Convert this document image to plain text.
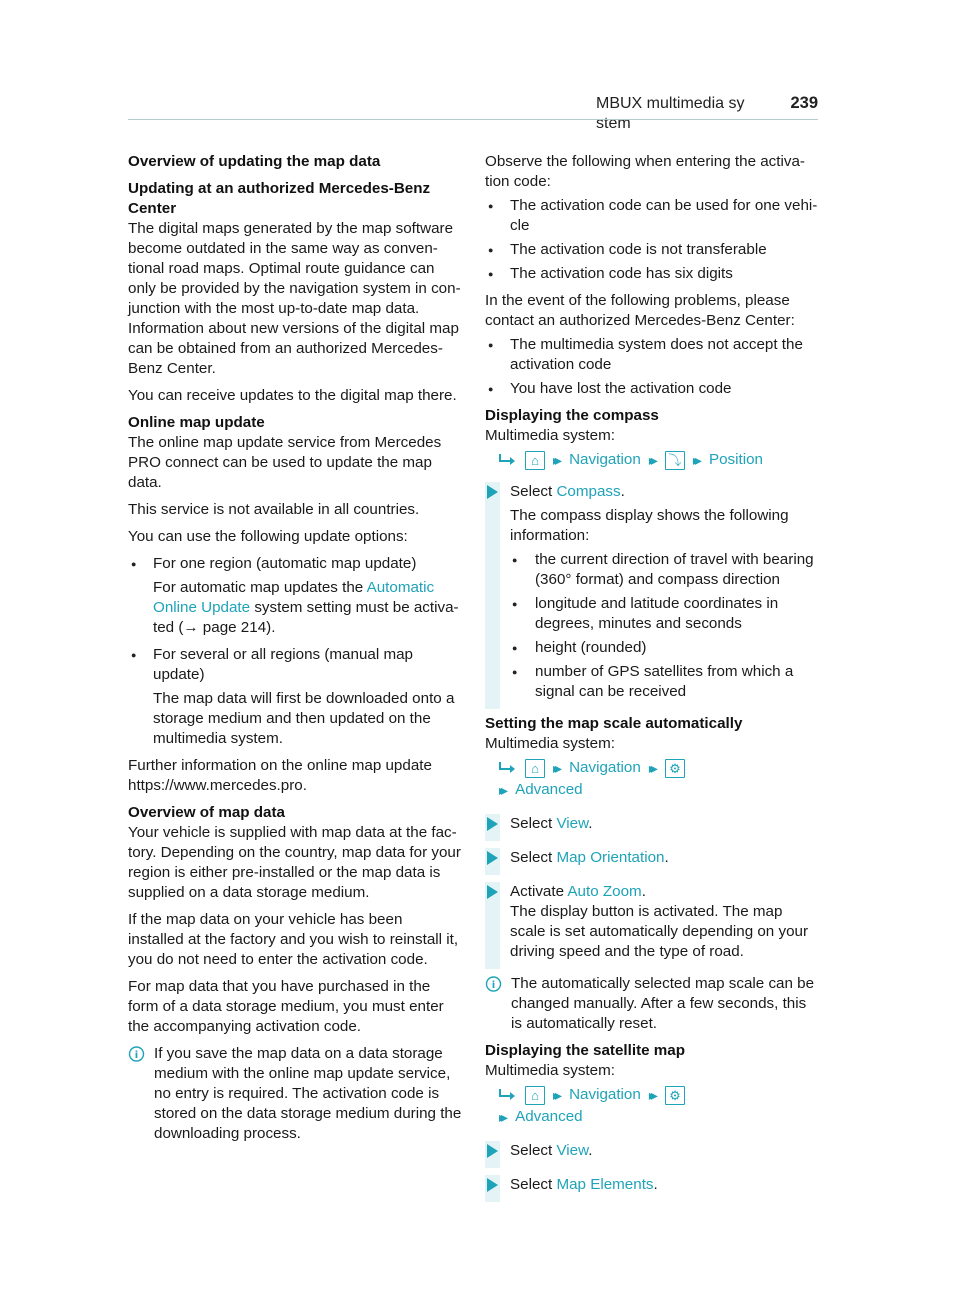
MBUX multimedia sy stem
239
Overview of updating the map data
Updating at an authorized Mercedes-Benz Center
The digital maps generated by the map software become outdated in the same way as conven‐tional road maps. Optimal route guidance can only be provided by the navigation system in con‐junction with the most up-to-date map data. Information about new versions of the digital map can be obtained from an authorized Mercedes-Benz Center.
You can receive updates to the digital map there.
Online map update
The online map update service from Mercedes PRO connect can be used to update the map data.
This service is not available in all countries.
You can use the following update options:
● For one region (automatic map update)
For automatic map updates the Automatic Online Update system setting must be activa‐ted (→ page 214).
● For several or all regions (manual map update)
The map data will first be downloaded onto a storage medium and then updated on the multimedia system.
Further information on the online map update https://www.mercedes.pro.
Overview of map data
Your vehicle is supplied with map data at the fac‐tory. Depending on the country, map data for your region is either pre-installed or the map data is supplied on a data storage medium.
If the map data on your vehicle has been installed at the factory and you wish to reinstall it, you do not need to enter the activation code.
For map data that you have purchased in the form of a data storage medium, you must enter the accompanying activation code.
i If you save the map data on a data storage medium with the online map update service, no entry is required. The activation code is stored on the data storage medium during the downloading process.
Observe the following when entering the activa‐tion code:
● The activation code can be used for one vehi‐cle
● The activation code is not transferable
● The activation code has six digits
In the event of the following problems, please contact an authorized Mercedes-Benz Center:
● The multimedia system does not accept the activation code
● You have lost the activation code
Displaying the compass
Multimedia system:
⌂	▸▸ Navigation ▸▸ ⤵ ▸▸ Position
Select Compass.
The compass display shows the following information:
● the current direction of travel with bearing (360° format) and compass direction
● longitude and latitude coordinates in degrees, minutes and seconds
● height (rounded)
● number of GPS satellites from which a signal can be received
Setting the map scale automatically
Multimedia system:
⌂	▸▸ Navigation ▸▸	⚙
▸▸ Advanced
Select View.
Select Map Orientation.
Activate Auto Zoom.
The display button is activated. The map scale is set automatically depending on your driving speed and the type of road.
i The automatically selected map scale can be changed manually. After a few seconds, this is automatically reset.
Displaying the satellite map
Multimedia system:
⌂	▸▸ Navigation ▸▸	⚙
▸▸ Advanced
Select View.
Select Map Elements.
